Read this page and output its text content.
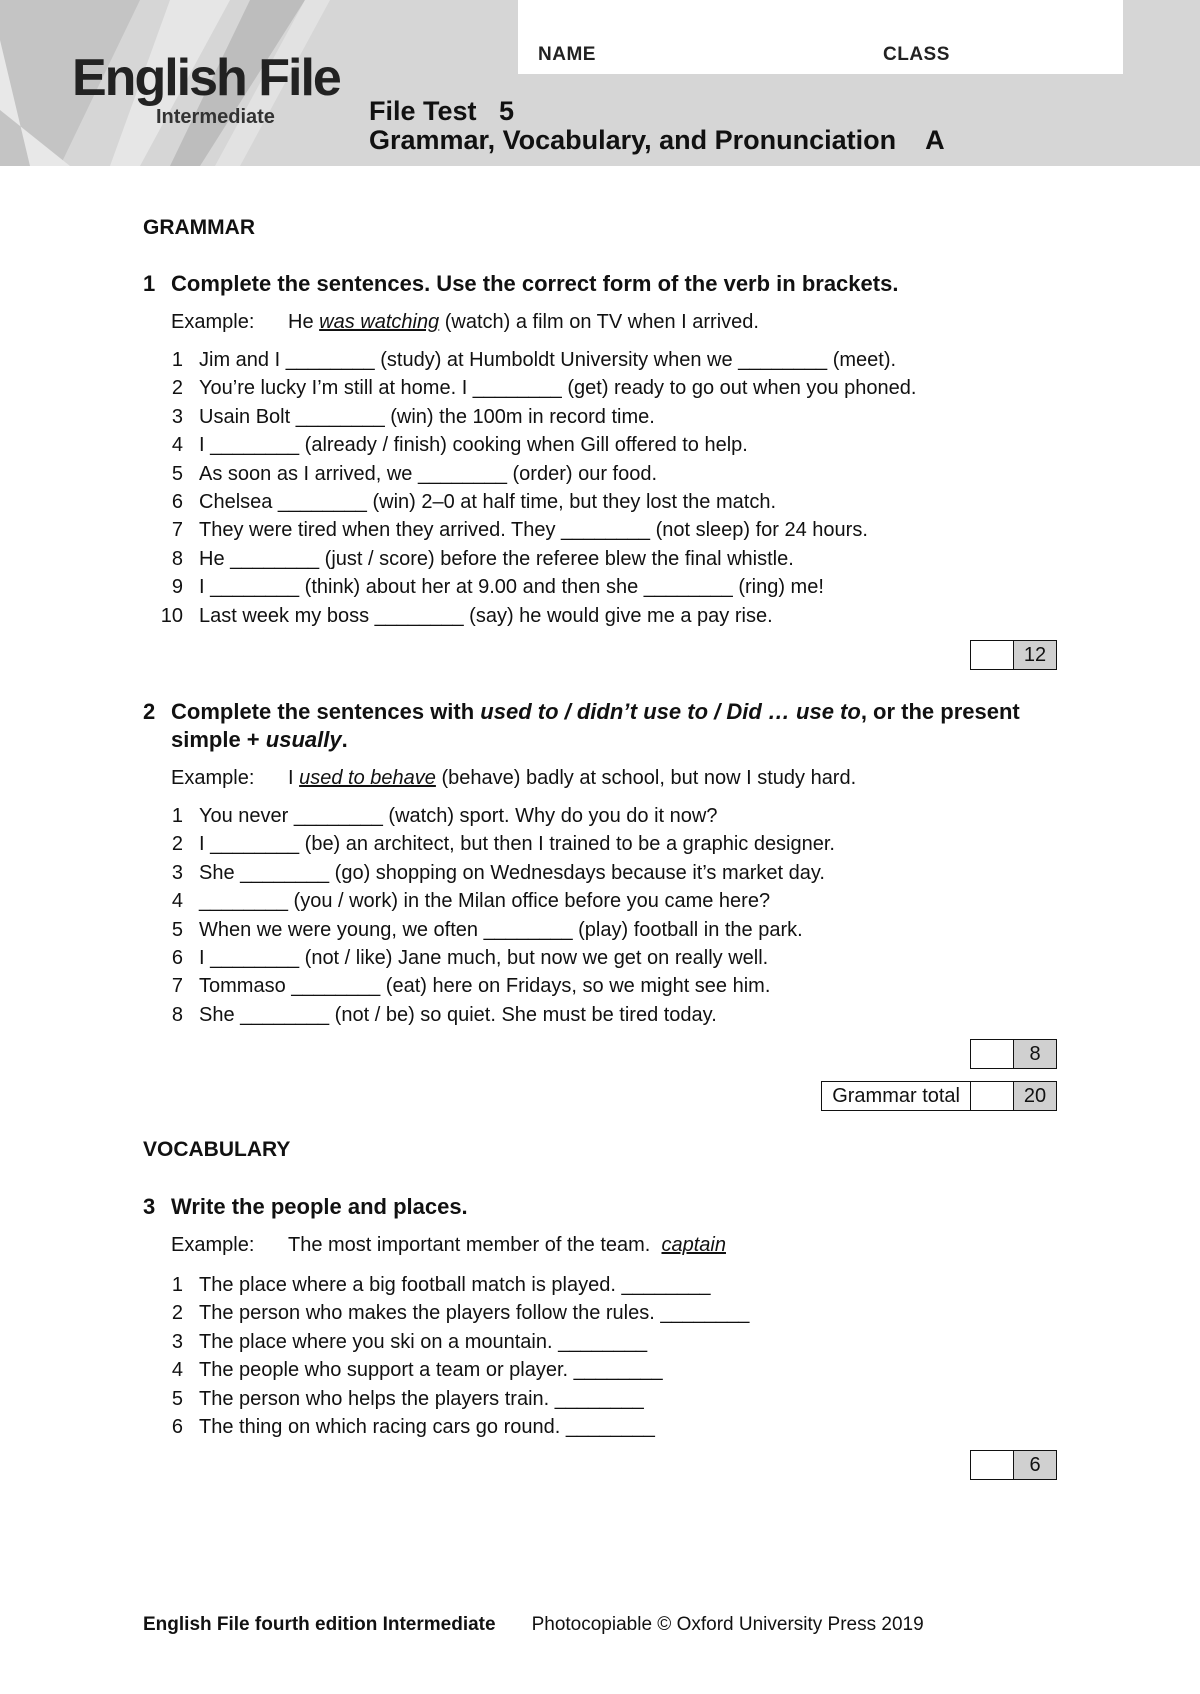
NAME	CLASS
English File
Intermediate	File Test   5
Grammar, Vocabulary, and Pronunciation    A
GRAMMAR
1 Complete the sentences. Use the correct form of the verb in brackets.
Example: He was watching (watch) a film on TV when I arrived.
1 Jim and I ________ (study) at Humboldt University when we ________ (meet).
2 You’re lucky I’m still at home. I ________ (get) ready to go out when you phoned.
3 Usain Bolt ________ (win) the 100m in record time.
4 I ________ (already / finish) cooking when Gill offered to help.
5 As soon as I arrived, we ________ (order) our food.
6 Chelsea ________ (win) 2–0 at half time, but they lost the match.
7 They were tired when they arrived. They ________ (not sleep) for 24 hours.
8 He ________ (just / score) before the referee blew the final whistle.
9 I ________ (think) about her at 9.00 and then she ________ (ring) me!
10 Last week my boss ________ (say) he would give me a pay rise.
12
2 Complete the sentences with used to / didn’t use to / Did … use to, or the present simple + usually.
Example: I used to behave (behave) badly at school, but now I study hard.
1 You never ________ (watch) sport. Why do you do it now?
2 I ________ (be) an architect, but then I trained to be a graphic designer.
3 She ________ (go) shopping on Wednesdays because it’s market day.
4 ________ (you / work) in the Milan office before you came here?
5 When we were young, we often ________ (play) football in the park.
6 I ________ (not / like) Jane much, but now we get on really well.
7 Tommaso ________ (eat) here on Fridays, so we might see him.
8 She ________ (not / be) so quiet. She must be tired today.
8
Grammar total	20
VOCABULARY
3 Write the people and places.
Example: The most important member of the team.  captain
1 The place where a big football match is played. ________
2 The person who makes the players follow the rules. ________
3 The place where you ski on a mountain. ________
4 The people who support a team or player. ________
5 The person who helps the players train. ________
6 The thing on which racing cars go round. ________
6
English File fourth edition Intermediate Photocopiable © Oxford University Press 2019
